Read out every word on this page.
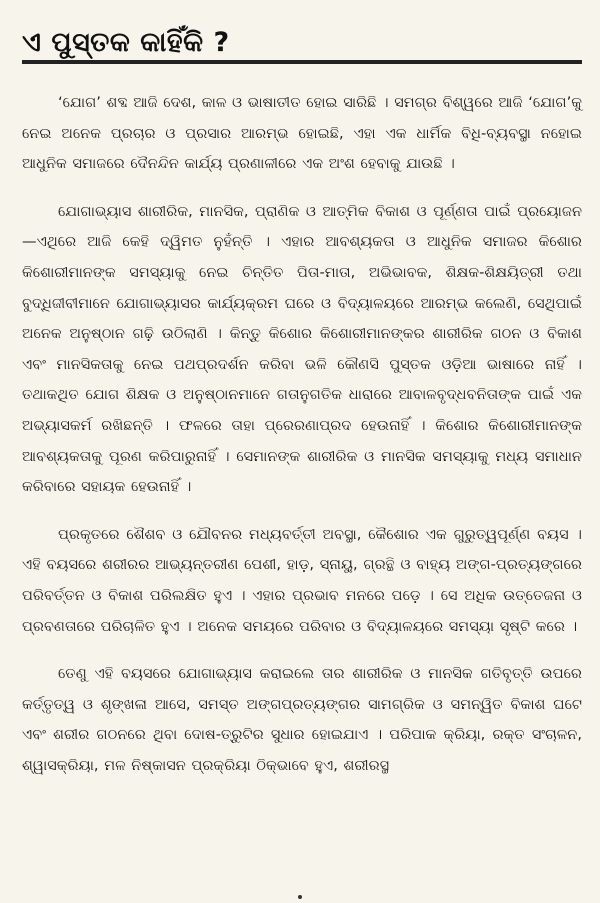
ଏ ପୁସ୍ତକ କାହିଁକି ?

‘ଯୋଗ’ ଶବ୍ଦ ଆଜି ଦେଶ, କାଳ ଓ ଭାଷାତୀତ ହୋଇ ସାରିଛି । ସମଗ୍ର ବିଶ୍ୱରେ ଆଜି ‘ଯୋଗ’କୁ ନେଇ ଅନେକ ପ୍ରଚାର ଓ ପ୍ରସାର ଆରମ୍ଭ ହୋଇଛି, ଏହା ଏକ ଧାର୍ମିକ ବିଧି-ବ୍ୟବସ୍ଥା ନହୋଇ ଆଧୁନିକ ସମାଜରେ ଦୈନନ୍ଦିନ କାର୍ଯ୍ୟ ପ୍ରଣାଳୀରେ ଏକ ଅଂଶ ହେବାକୁ ଯାଉଛି ।

ଯୋଗାଭ୍ୟାସ ଶାରୀରିକ, ମାନସିକ, ପ୍ରାଣିକ ଓ ଆତ୍ମିକ ବିକାଶ ଓ ପୂର୍ଣ୍ଣତା ପାଇଁ ପ୍ରୟୋଜନ—ଏଥିରେ ଆଜି କେହି ଦ୍ୱିମତ ନୁହଁନ୍ତି । ଏହାର ଆବଶ୍ୟକତା ଓ ଆଧୁନିକ ସମାଜର କିଶୋର କିଶୋରୀମାନଙ୍କ ସମସ୍ୟାକୁ ନେଇ ଚିନ୍ତିତ ପିତା-ମାତା, ଅଭିଭାବକ, ଶିକ୍ଷକ-ଶିକ୍ଷୟିତ୍ରୀ ତଥା ବୁଦ୍ଧିଜୀବୀମାନେ ଯୋଗାଭ୍ୟାସର କାର୍ଯ୍ୟକ୍ରମ ଘରେ ଓ ବିଦ୍ୟାଳୟରେ ଆରମ୍ଭ କଲେଣି, ସେଥିପାଇଁ ଅନେକ ଅନୁଷ୍ଠାନ ଗଢ଼ି ଉଠିଲାଣି । କିନ୍ତୁ କିଶୋର କିଶୋରୀମାନଙ୍କର ଶାରୀରିକ ଗଠନ ଓ ବିକାଶ ଏବଂ ମାନସିକତାକୁ ନେଇ ପଥପ୍ରଦର୍ଶନ କରିବା ଭଳି କୌଣସି ପୁସ୍ତକ ଓଡ଼ିଆ ଭାଷାରେ ନାହିଁ । ତଥାକଥିତ ଯୋଗ ଶିକ୍ଷକ ଓ ଅନୁଷ୍ଠାନମାନେ ଗତାନୁଗତିକ ଧାରାରେ ଆବାଳବୃଦ୍ଧବନିତାଙ୍କ ପାଇଁ ଏକ ଅଭ୍ୟାସକର୍ମ ରଖିଛନ୍ତି । ଫଳରେ ତାହା ପ୍ରେରଣାପ୍ରଦ ହେଉନାହିଁ । କିଶୋର କିଶୋରୀମାନଙ୍କ ଆବଶ୍ୟକତାକୁ ପୂରଣ କରିପାରୁନାହିଁ । ସେମାନଙ୍କ ଶାରୀରିକ ଓ ମାନସିକ ସମସ୍ୟାକୁ ମଧ୍ୟ ସମାଧାନ କରିବାରେ ସହାୟକ ହେଉନାହିଁ ।

ପ୍ରକୃତରେ ଶୈଶବ ଓ ଯୌବନର ମଧ୍ୟବର୍ତ୍ତୀ ଅବସ୍ଥା, କୈଶୋର ଏକ ଗୁରୁତ୍ୱପୂର୍ଣ୍ଣ ବୟସ । ଏହି ବୟସରେ ଶରୀରର ଆଭ୍ୟନ୍ତରୀଣ ପେଶୀ, ହାଡ଼, ସ୍ନାୟୁ, ଗ୍ରନ୍ଥି ଓ ବାହ୍ୟ ଅଙ୍ଗ-ପ୍ରତ୍ୟଙ୍ଗରେ ପରିବର୍ତ୍ତନ ଓ ବିକାଶ ପରିଲକ୍ଷିତ ହୁଏ । ଏହାର ପ୍ରଭାବ ମନରେ ପଡ଼େ । ସେ ଅଧିକ ଉତ୍ତେଜନା ଓ ପ୍ରବଣତାରେ ପରିଚାଳିତ ହୁଏ । ଅନେକ ସମୟରେ ପରିବାର ଓ ବିଦ୍ୟାଳୟରେ ସମସ୍ୟା ସୃଷ୍ଟି କରେ ।

ତେଣୁ ଏହି ବୟସରେ ଯୋଗାଭ୍ୟାସ କରାଇଲେ ତାର ଶାରୀରିକ ଓ ମାନସିକ ଗତିବୃତ୍ତି ଉପରେ କର୍ତ୍ତୃତ୍ୱ ଓ ଶୃଙ୍ଖଳା ଆସେ, ସମସ୍ତ ଅଙ୍ଗପ୍ରତ୍ୟଙ୍ଗର ସାମଗ୍ରିକ ଓ ସମନ୍ୱିତ ବିକାଶ ଘଟେ ଏବଂ ଶରୀର ଗଠନରେ ଥିବା ଦୋଷ-ତ୍ରୁଟିର ସୁଧାର ହୋଇଯାଏ । ପରିପାକ କ୍ରିୟା, ରକ୍ତ ସଂଚାଳନ, ଶ୍ୱାସକ୍ରିୟା, ମଳ ନିଷ୍କାସନ ପ୍ରକ୍ରିୟା ଠିକ୍‌ଭାବେ ହୁଏ, ଶରୀରସ୍ଥ
